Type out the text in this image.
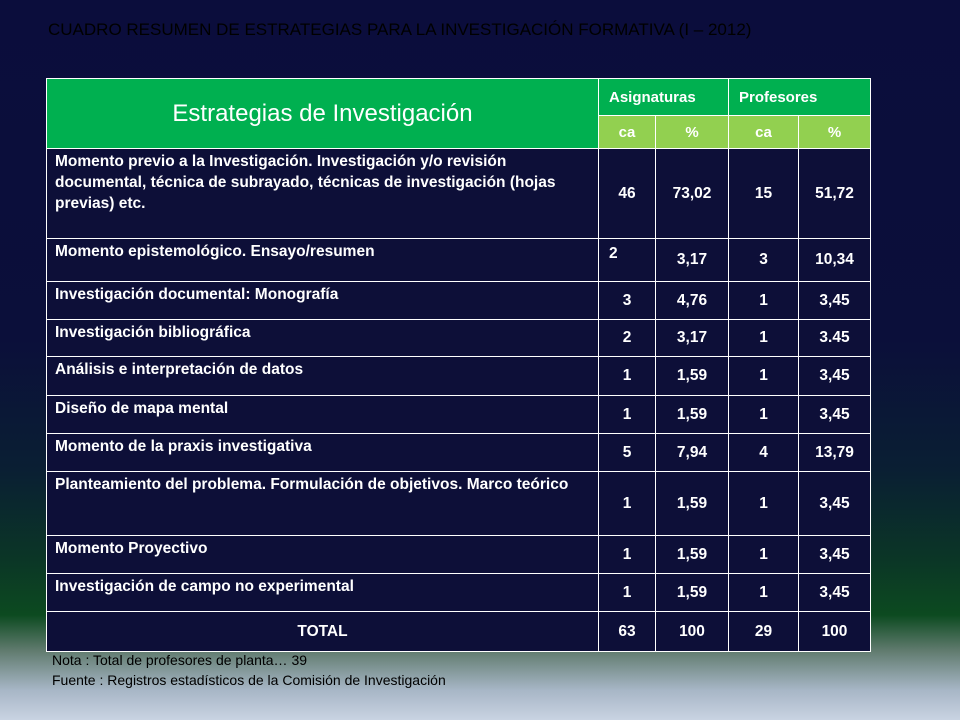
CUADRO RESUMEN DE ESTRATEGIAS PARA LA INVESTIGACIÓN FORMATIVA (I – 2012)
Estrategias de Investigación	Asignaturas		Profesores	
	ca	%	ca	%
Momento previo a la Investigación. Investigación y/o revisión documental, técnica de subrayado, técnicas de investigación (hojas previas) etc.	46	73,02	15	51,72
Momento epistemológico. Ensayo/resumen	2	3,17	3	10,34
Investigación documental: Monografía	3	4,76	1	3,45
Investigación bibliográfica	2	3,17	1	3.45
Análisis e interpretación de datos	1	1,59	1	3,45
Diseño de mapa mental	1	1,59	1	3,45
Momento de la praxis investigativa	5	7,94	4	13,79
Planteamiento del problema. Formulación de objetivos. Marco teórico	1	1,59	1	3,45
Momento Proyectivo	1	1,59	1	3,45
Investigación de campo no experimental	1	1,59	1	3,45
TOTAL	63	100	29	100
Nota : Total de profesores de planta… 39
Fuente : Registros estadísticos de la Comisión de Investigación
